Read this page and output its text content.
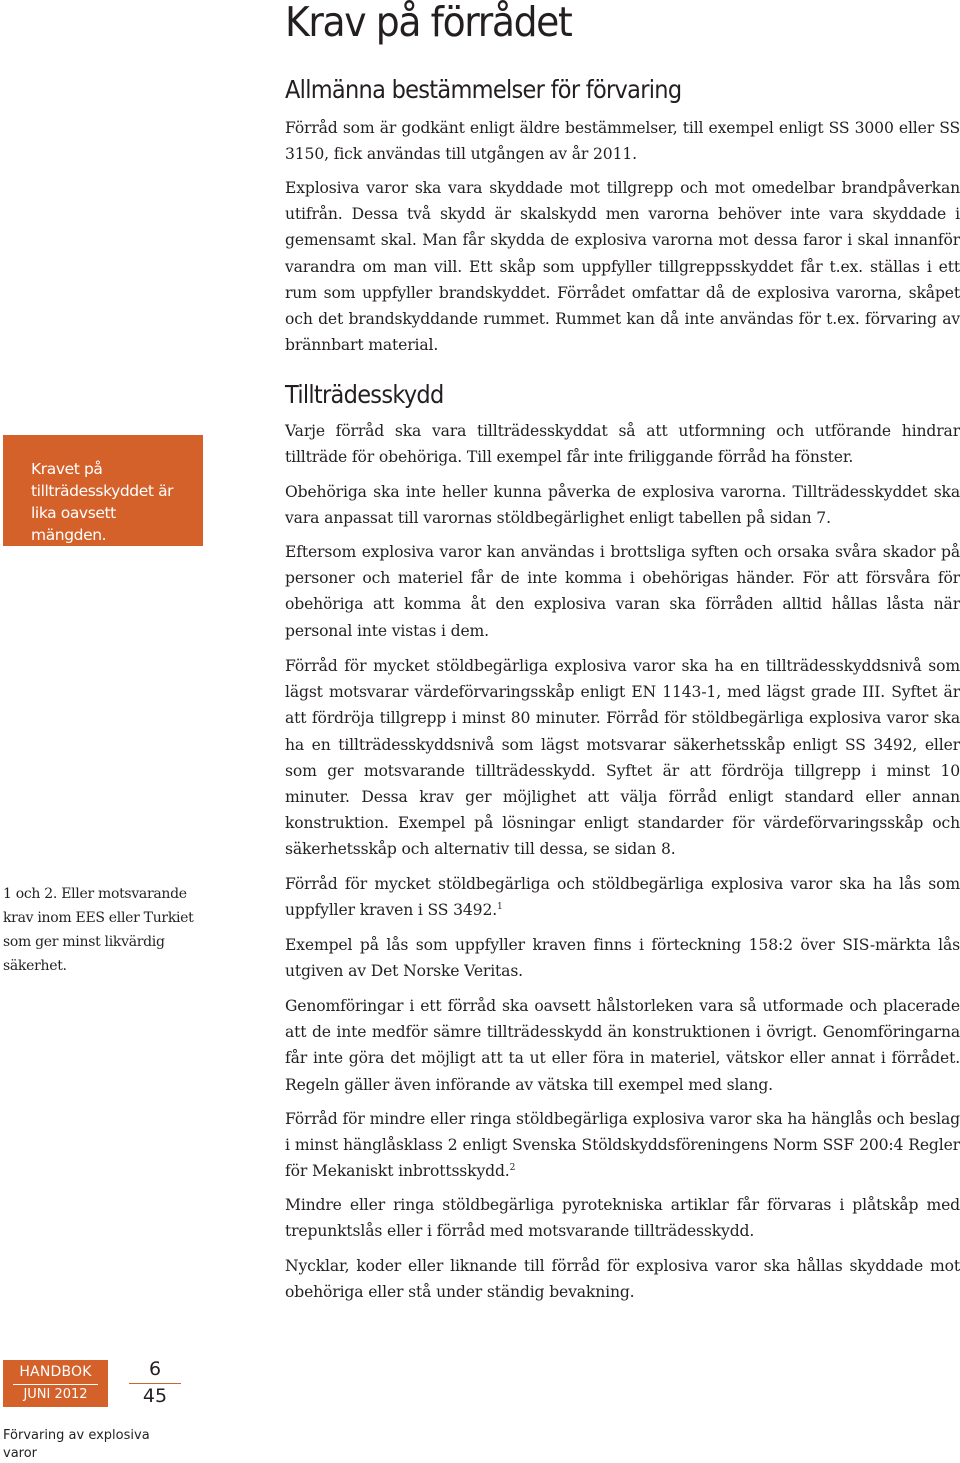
Krav på förrådet
Allmänna bestämmelser för förvaring

Förråd som är godkänt enligt äldre bestämmelser, till exempel enligt SS 3000 eller SS 3150, fick användas till utgången av år 2011.

Explosiva varor ska vara skyddade mot tillgrepp och mot omedelbar brandpåverkan utifrån. Dessa två skydd är skalskydd men varorna behöver inte vara skyddade i gemensamt skal. Man får skydda de explosiva varorna mot dessa faror i skal innanför varandra om man vill. Ett skåp som uppfyller tillgreppsskyddet får t.ex. ställas i ett rum som uppfyller brandskyddet. Förrådet omfattar då de explosiva varorna, skåpet och det brandskyddande rummet. Rummet kan då inte användas för t.ex. förvaring av brännbart material.

Tillträdesskydd

Varje förråd ska vara tillträdesskyddat så att utformning och utförande hindrar tillträde för obehöriga. Till exempel får inte friliggande förråd ha fönster.

Obehöriga ska inte heller kunna påverka de explosiva varorna. Tillträdesskyddet ska vara anpassat till varornas stöldbegärlighet enligt tabellen på sidan 7.

Eftersom explosiva varor kan användas i brottsliga syften och orsaka svåra skador på personer och materiel får de inte komma i obehörigas händer. För att försvåra för obehöriga att komma åt den explosiva varan ska förråden alltid hållas låsta när personal inte vistas i dem.

Förråd för mycket stöldbegärliga explosiva varor ska ha en tillträdesskyddsnivå som lägst motsvarar värdeförvaringsskåp enligt EN 1143-1, med lägst grade III. Syftet är att fördröja tillgrepp i minst 80 minuter. Förråd för stöldbegärliga explosiva varor ska ha en tillträdesskyddsnivå som lägst motsvarar säkerhetsskåp enligt SS 3492, eller som ger motsvarande tillträdesskydd. Syftet är att fördröja tillgrepp i minst 10 minuter. Dessa krav ger möjlighet att välja förråd enligt standard eller annan konstruktion. Exempel på lösningar enligt standarder för värdeförvaringsskåp och säkerhetsskåp och alternativ till dessa, se sidan 8.

Förråd för mycket stöldbegärliga och stöldbegärliga explosiva varor ska ha lås som uppfyller kraven i SS 3492.$^1$

Exempel på lås som uppfyller kraven finns i förteckning 158:2 över SIS-märkta lås utgiven av Det Norske Veritas.

Genomföringar i ett förråd ska oavsett hålstorleken vara så utformade och placerade att de inte medför sämre tillträdesskydd än konstruktionen i övrigt. Genomföringarna får inte göra det möjligt att ta ut eller föra in materiel, vätskor eller annat i förrådet. Regeln gäller även införande av vätska till exempel med slang.

Förråd för mindre eller ringa stöldbegärliga explosiva varor ska ha hänglås och beslag i minst hänglåsklass 2 enligt Svenska Stöldskyddsföreningens Norm SSF 200:4 Regler för Mekaniskt inbrottsskydd.$^2$

Mindre eller ringa stöldbegärliga pyrotekniska artiklar får förvaras i plåtskåp med trepunktslås eller i förråd med motsvarande tillträdesskydd.

Nycklar, koder eller liknande till förråd för explosiva varor ska hållas skyddade mot obehöriga eller stå under ständig bevakning.

Kravet på tillträdesskyddet är lika oavsett mängden.

1 och 2. Eller motsvarande krav inom EES eller Turkiet som ger minst likvärdig säkerhet.

HANDBOK
JUNI 2012
6
45
Förvaring av explosiva varor
